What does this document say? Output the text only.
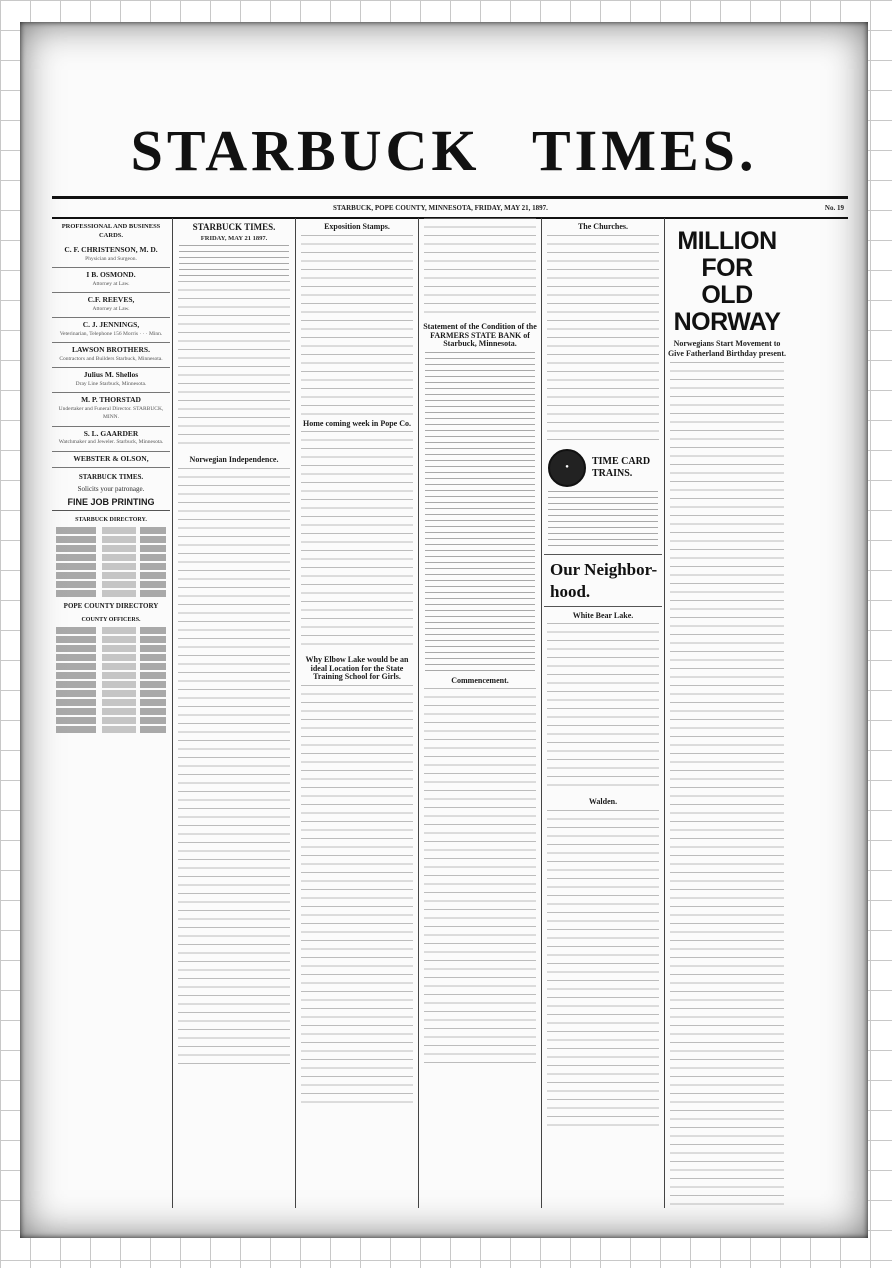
STARBUCK TIMES.
STARBUCK, POPE COUNTY, MINNESOTA, FRIDAY, MAY 21, 1897.	No. 19
PROFESSIONAL AND BUSINESS CARDS.
C. F. CHRISTENSON, M. D.
Physician and Surgeon.
I B. OSMOND.
Attorney at Law.
C.F. REEVES,
Attorney at Law.
C. J. JENNINGS,
Veterinarian, Telephone 156 Morris · · · Minn.
LAWSON BROTHERS.
Contractors and Builders Starbuck, Minnesota.
Julius M. Shellos
Dray Line Starbuck, Minnesota.
M. P. THORSTAD
Undertaker and Funeral Director. STARBUCK, MINN.
S. L. GAARDER
Watchmaker and Jeweler. Starbuck, Minnesota.
WEBSTER & OLSON,
STARBUCK TIMES.
Solicits your patronage.
FINE JOB PRINTING
STARBUCK DIRECTORY.
POPE COUNTY DIRECTORY
COUNTY OFFICERS.
STARBUCK TIMES.
FRIDAY, MAY 21 1897.
Norwegian Independence.
Exposition Stamps.
Home coming week in Pope Co.
Why Elbow Lake would be an ideal Location for the State Training School for Girls.
Statement of the Condition of the FARMERS STATE BANK of Starbuck, Minnesota.
Commencement.
The Churches.
●
TIME CARD
TRAINS.
Our Neighbor-hood.
White Bear Lake.
Walden.
MILLION FOR
OLD NORWAY
Norwegians Start Movement to Give Fatherland Birthday present.
